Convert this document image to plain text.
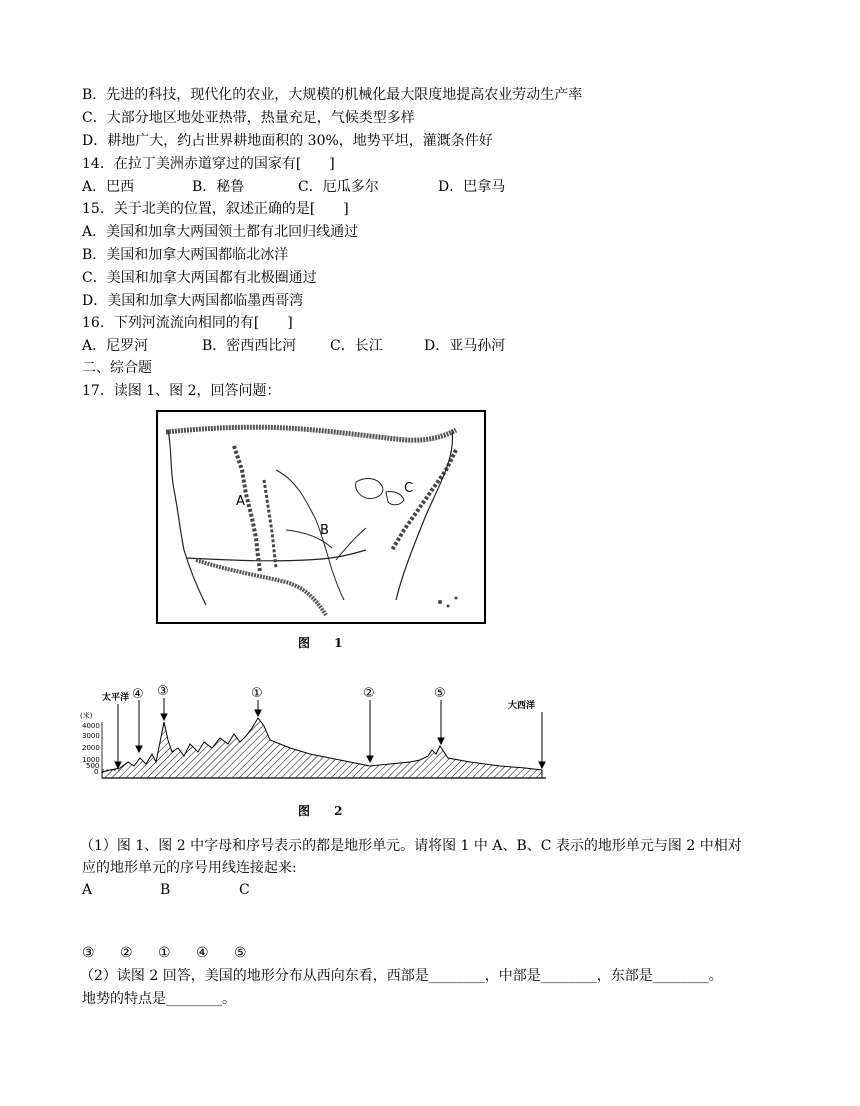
B．先进的科技，现代化的农业，大规模的机械化最大限度地提高农业劳动生产率
C．大部分地区地处亚热带，热量充足，气候类型多样
D．耕地广大，约占世界耕地面积的 30%，地势平坦，灌溉条件好
14．在拉丁美洲赤道穿过的国家有[　　]
A．巴西	B．秘鲁	C．厄瓜多尔	D．巴拿马
15．关于北美的位置，叙述正确的是[　　]
A．美国和加拿大两国领土都有北回归线通过
B．美国和加拿大两国都临北冰洋
C．美国和加拿大两国都有北极圈通过
D．美国和加拿大两国都临墨西哥湾
16．下列河流流向相同的有[　　]
A．尼罗河	B．密西西比河 C．长江	D．亚马孙河
二、综合题
17．读图 1、图 2，回答问题：
A
B
C
图 1
(米)
4000
3000
2000
1000
500
0
太平洋
大西洋
④ ③	①	②	⑤
图 2
（1）图 1、图 2 中字母和序号表示的都是地形单元。请将图 1 中 A、B、C 表示的地形单元与图 2 中相对
应的地形单元的序号用线连接起来:
A	B	C
③ ② ① ④ ⑤
（2）读图 2 回答，美国的地形分布从西向东看，西部是________，中部是________，东部是________。
地势的特点是________。
